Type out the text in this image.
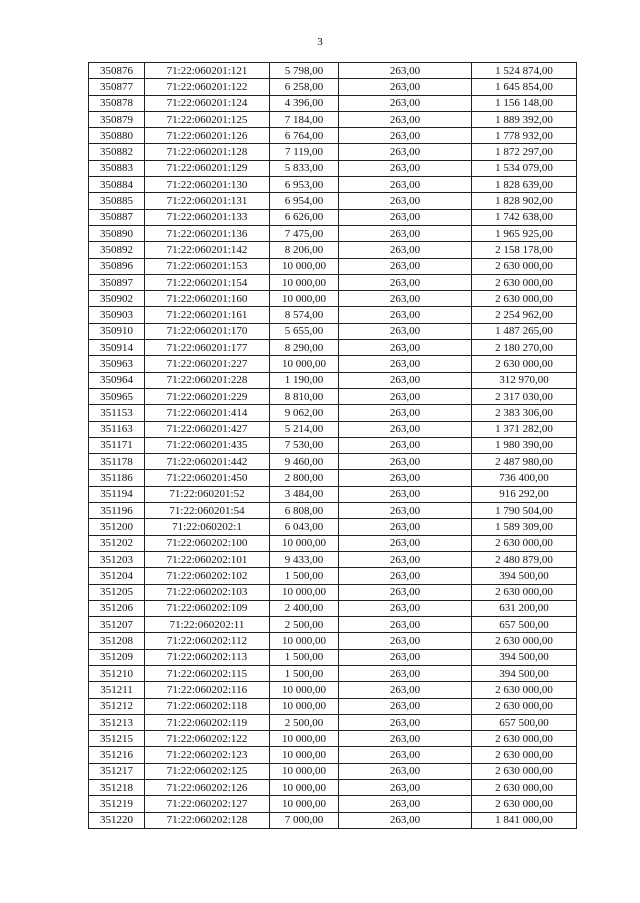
3
350876	71:22:060201:121	5 798,00	263,00	1 524 874,00
350877	71:22:060201:122	6 258,00	263,00	1 645 854,00
350878	71:22:060201:124	4 396,00	263,00	1 156 148,00
350879	71:22:060201:125	7 184,00	263,00	1 889 392,00
350880	71:22:060201:126	6 764,00	263,00	1 778 932,00
350882	71:22:060201:128	7 119,00	263,00	1 872 297,00
350883	71:22:060201:129	5 833,00	263,00	1 534 079,00
350884	71:22:060201:130	6 953,00	263,00	1 828 639,00
350885	71:22:060201:131	6 954,00	263,00	1 828 902,00
350887	71:22:060201:133	6 626,00	263,00	1 742 638,00
350890	71:22:060201:136	7 475,00	263,00	1 965 925,00
350892	71:22:060201:142	8 206,00	263,00	2 158 178,00
350896	71:22:060201:153	10 000,00	263,00	2 630 000,00
350897	71:22:060201:154	10 000,00	263,00	2 630 000,00
350902	71:22:060201:160	10 000,00	263,00	2 630 000,00
350903	71:22:060201:161	8 574,00	263,00	2 254 962,00
350910	71:22:060201:170	5 655,00	263,00	1 487 265,00
350914	71:22:060201:177	8 290,00	263,00	2 180 270,00
350963	71:22:060201:227	10 000,00	263,00	2 630 000,00
350964	71:22:060201:228	1 190,00	263,00	312 970,00
350965	71:22:060201:229	8 810,00	263,00	2 317 030,00
351153	71:22:060201:414	9 062,00	263,00	2 383 306,00
351163	71:22:060201:427	5 214,00	263,00	1 371 282,00
351171	71:22:060201:435	7 530,00	263,00	1 980 390,00
351178	71:22:060201:442	9 460,00	263,00	2 487 980,00
351186	71:22:060201:450	2 800,00	263,00	736 400,00
351194	71:22:060201:52	3 484,00	263,00	916 292,00
351196	71:22:060201:54	6 808,00	263,00	1 790 504,00
351200	71:22:060202:1	6 043,00	263,00	1 589 309,00
351202	71:22:060202:100	10 000,00	263,00	2 630 000,00
351203	71:22:060202:101	9 433,00	263,00	2 480 879,00
351204	71:22:060202:102	1 500,00	263,00	394 500,00
351205	71:22:060202:103	10 000,00	263,00	2 630 000,00
351206	71:22:060202:109	2 400,00	263,00	631 200,00
351207	71:22:060202:11	2 500,00	263,00	657 500,00
351208	71:22:060202:112	10 000,00	263,00	2 630 000,00
351209	71:22:060202:113	1 500,00	263,00	394 500,00
351210	71:22:060202:115	1 500,00	263,00	394 500,00
351211	71:22:060202:116	10 000,00	263,00	2 630 000,00
351212	71:22:060202:118	10 000,00	263,00	2 630 000,00
351213	71:22:060202:119	2 500,00	263,00	657 500,00
351215	71:22:060202:122	10 000,00	263,00	2 630 000,00
351216	71:22:060202:123	10 000,00	263,00	2 630 000,00
351217	71:22:060202:125	10 000,00	263,00	2 630 000,00
351218	71:22:060202:126	10 000,00	263,00	2 630 000,00
351219	71:22:060202:127	10 000,00	263,00	2 630 000,00
351220	71:22:060202:128	7 000,00	263,00	1 841 000,00
